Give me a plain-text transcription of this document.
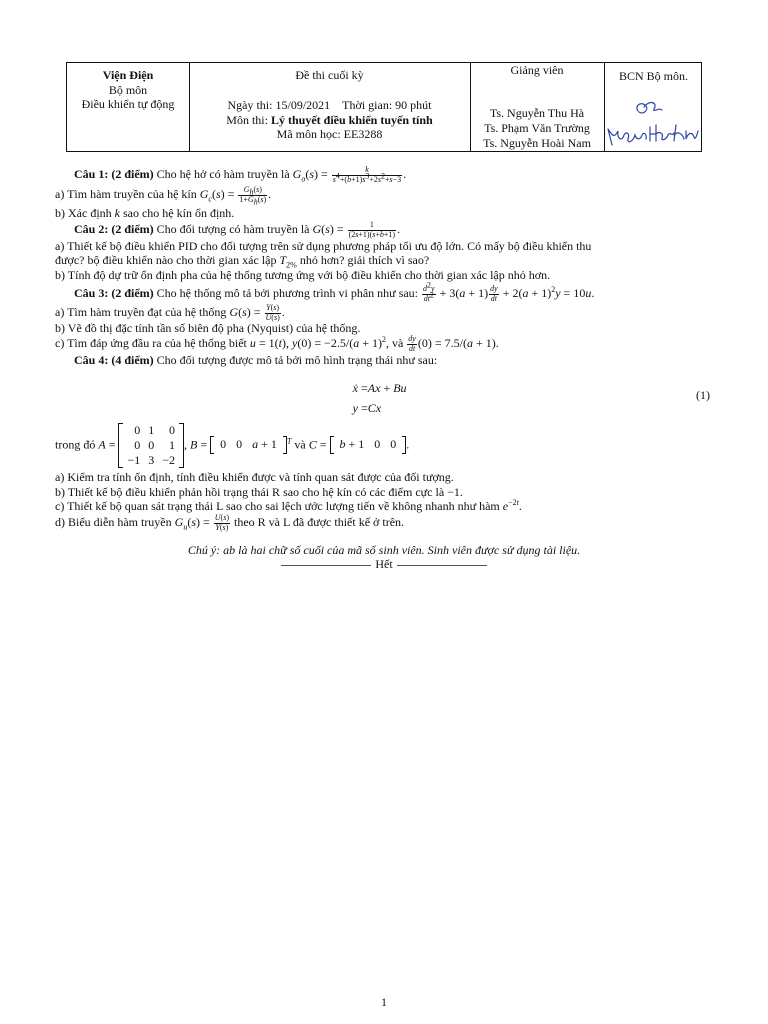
Viện Điện
Bộ môn
Điều khiển tự động
Đề thi cuối kỳ
Ngày thi: 15/09/2021 Thời gian: 90 phút
Môn thi: Lý thuyết điều khiển tuyến tính
Mã môn học: EE3288
Giảng viên
Ts. Nguyễn Thu Hà
Ts. Phạm Văn Trường
Ts. Nguyễn Hoài Nam
BCN Bộ môn.
Câu 1: (2 điểm) Cho hệ hở có hàm truyền là $G_o(s) = \frac{k}{s^4+(b+1)s^3+2s^2+s-3}$ .
a) Tìm hàm truyền của hệ kín $G_c(s) = \frac{G_h(s)}{1+G_h(s)}$ .
b) Xác định k sao cho hệ kín ổn định.
Câu 2: (2 điểm) Cho đối tượng có hàm truyền là $G(s) = \frac{1}{(2s+1)(s+b+1)}$ .
a) Thiết kế bộ điều khiển PID cho đối tượng trên sử dụng phương pháp tối ưu độ lớn. Có mấy bộ điều khiển thu
được? bộ điều khiển nào cho thời gian xác lập $T_{2\%}$ nhỏ hơn? giải thích vì sao?
b) Tính độ dự trữ ổn định pha của hệ thống tương ứng với bộ điều khiển cho thời gian xác lập nhỏ hơn.
Câu 3: (2 điểm) Cho hệ thống mô tả bởi phương trình vi phân như sau: $\frac{d^2y}{dt^2} + 3(a + 1) \frac{dy}{dt} + 2(a + 1)^2y = 10u$.
a) Tìm hàm truyền đạt của hệ thống $G(s) = \frac{Y(s)}{U(s)}$ .
b) Vẽ đồ thị đặc tính tần số biên độ pha (Nyquist) của hệ thống.
c) Tìm đáp ứng đầu ra của hệ thống biết u = 1(t), $y(0) = -2.5/(a + 1)^2$, và $\frac{dy}{dt} (0) = 7.5/(a + 1)$.
Câu 4: (4 điểm) Cho đối tượng được mô tả bởi mô hình trạng thái như sau:
ẋ =Ax + Bu
y =Cx
(1)
trong đó A =
0	1	0
0	0	1
−1	3	−2
, B = 0 0 a + 1 $^T$ và C = b + 1 0 0 .
a) Kiểm tra tính ổn định, tính điều khiển được và tính quan sát được của đối tượng.
b) Thiết kế bộ điều khiển phản hồi trạng thái R sao cho hệ kín có các điểm cực là −1.
c) Thiết kế bộ quan sát trạng thái L sao cho sai lệch ước lượng tiến về không nhanh như hàm $e^{-2t}$.
d) Biểu diễn hàm truyền $G_u(s) = \frac{U(s)}{Y(s)}$ theo R và L đã được thiết kế ở trên.
Chú ý: ab là hai chữ số cuối của mã số sinh viên. Sinh viên được sử dụng tài liệu.
Hết
1
